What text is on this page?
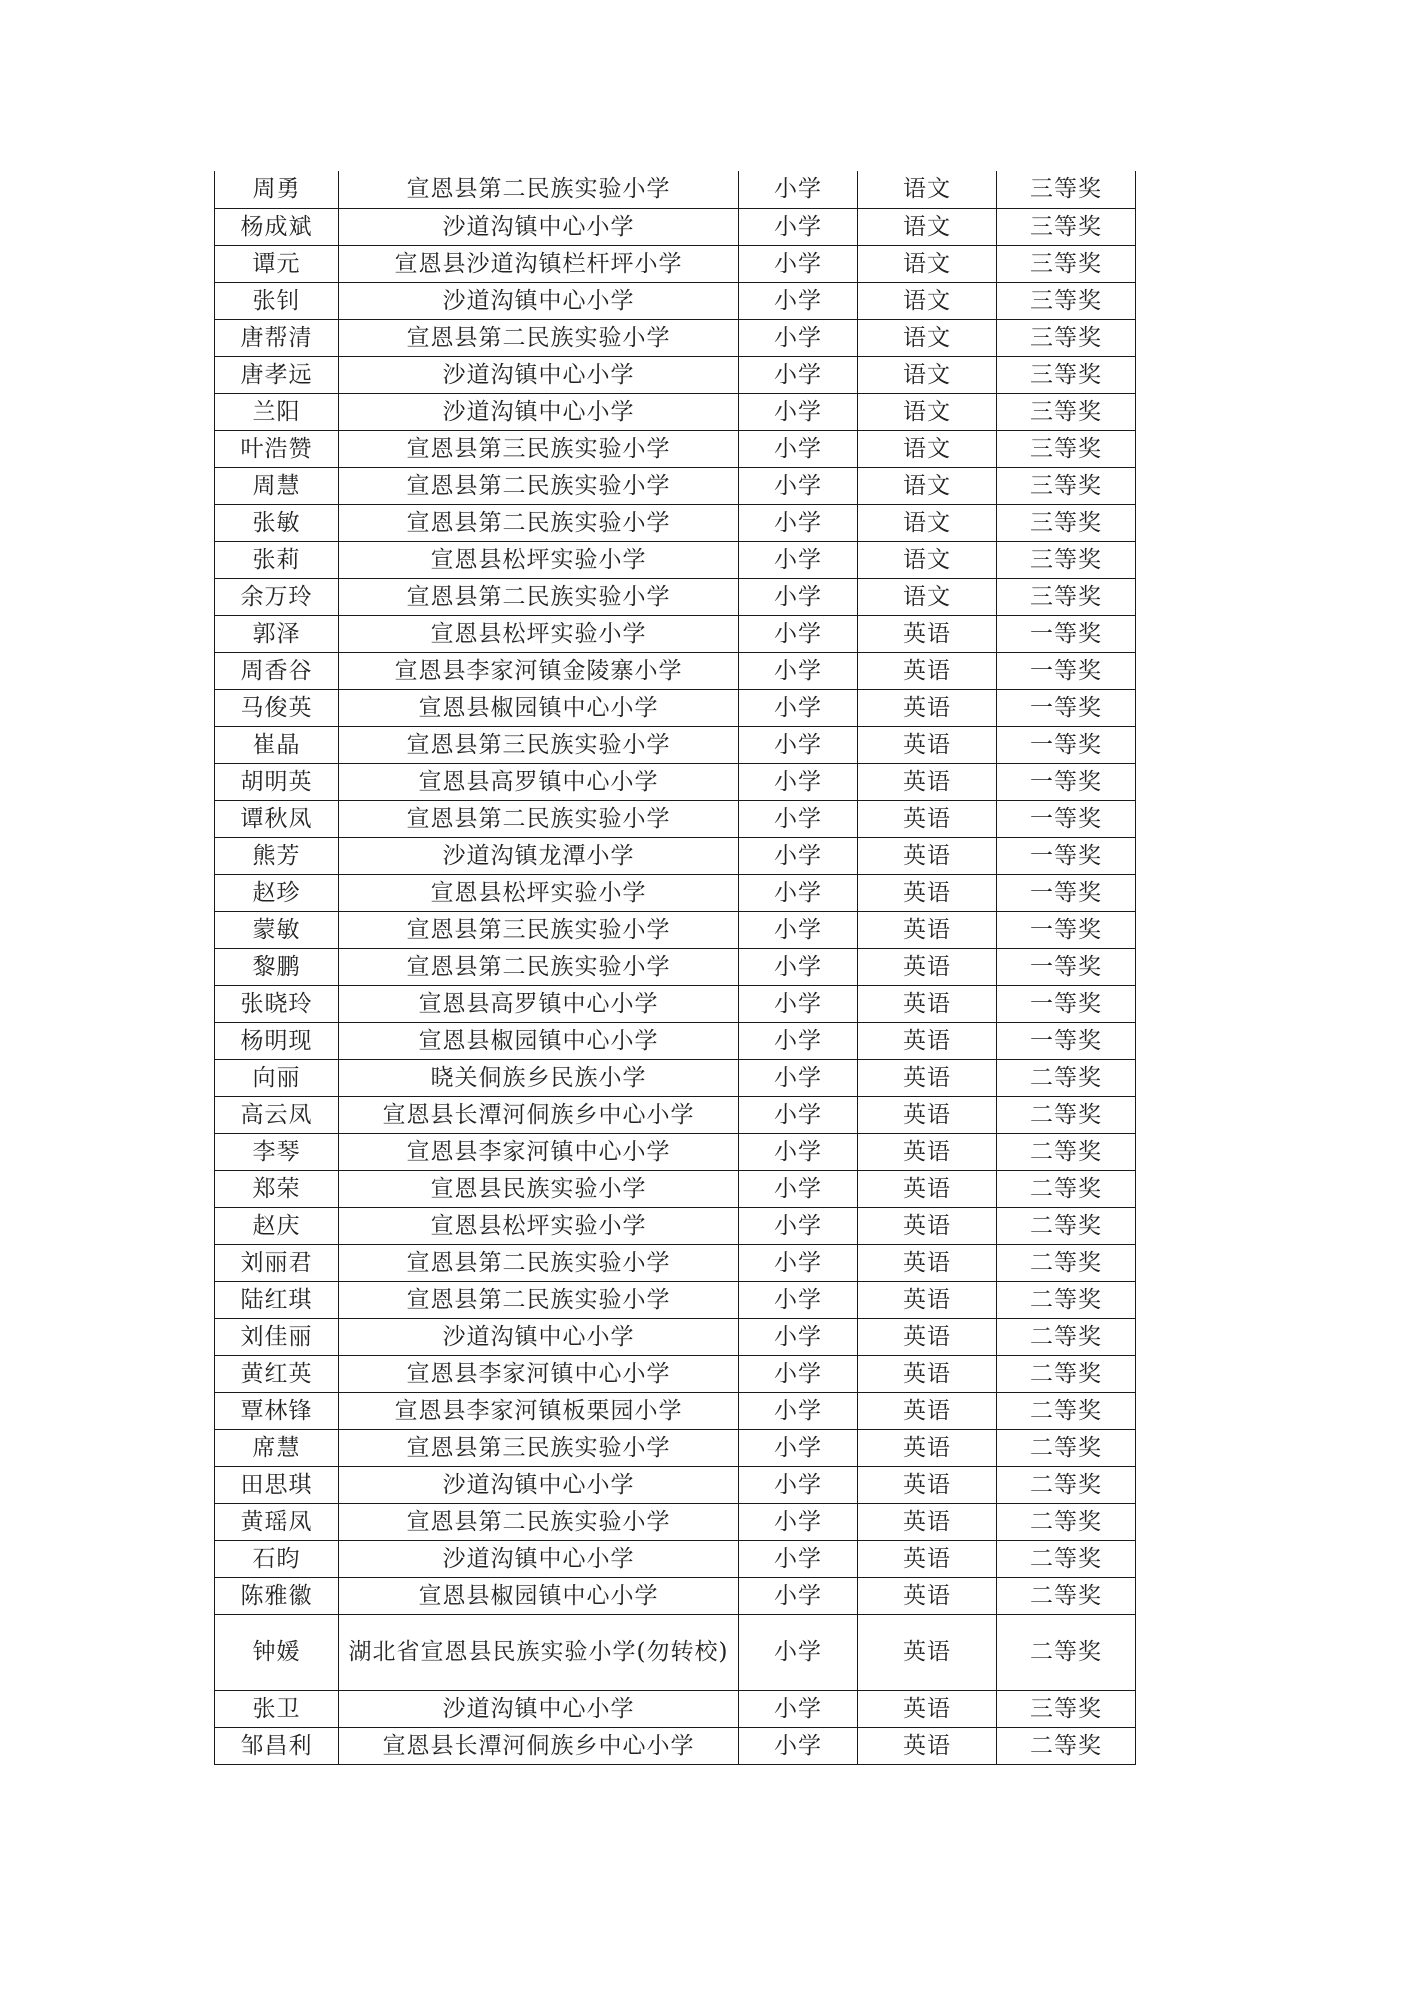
周勇	宣恩县第二民族实验小学	小学	语文	三等奖
杨成斌	沙道沟镇中心小学	小学	语文	三等奖
谭元	宣恩县沙道沟镇栏杆坪小学	小学	语文	三等奖
张钊	沙道沟镇中心小学	小学	语文	三等奖
唐帮清	宣恩县第二民族实验小学	小学	语文	三等奖
唐孝远	沙道沟镇中心小学	小学	语文	三等奖
兰阳	沙道沟镇中心小学	小学	语文	三等奖
叶浩赞	宣恩县第三民族实验小学	小学	语文	三等奖
周慧	宣恩县第二民族实验小学	小学	语文	三等奖
张敏	宣恩县第二民族实验小学	小学	语文	三等奖
张莉	宣恩县松坪实验小学	小学	语文	三等奖
余万玲	宣恩县第二民族实验小学	小学	语文	三等奖
郭泽	宣恩县松坪实验小学	小学	英语	一等奖
周香谷	宣恩县李家河镇金陵寨小学	小学	英语	一等奖
马俊英	宣恩县椒园镇中心小学	小学	英语	一等奖
崔晶	宣恩县第三民族实验小学	小学	英语	一等奖
胡明英	宣恩县高罗镇中心小学	小学	英语	一等奖
谭秋凤	宣恩县第二民族实验小学	小学	英语	一等奖
熊芳	沙道沟镇龙潭小学	小学	英语	一等奖
赵珍	宣恩县松坪实验小学	小学	英语	一等奖
蒙敏	宣恩县第三民族实验小学	小学	英语	一等奖
黎鹏	宣恩县第二民族实验小学	小学	英语	一等奖
张晓玲	宣恩县高罗镇中心小学	小学	英语	一等奖
杨明现	宣恩县椒园镇中心小学	小学	英语	一等奖
向丽	晓关侗族乡民族小学	小学	英语	二等奖
高云凤	宣恩县长潭河侗族乡中心小学	小学	英语	二等奖
李琴	宣恩县李家河镇中心小学	小学	英语	二等奖
郑荣	宣恩县民族实验小学	小学	英语	二等奖
赵庆	宣恩县松坪实验小学	小学	英语	二等奖
刘丽君	宣恩县第二民族实验小学	小学	英语	二等奖
陆红琪	宣恩县第二民族实验小学	小学	英语	二等奖
刘佳丽	沙道沟镇中心小学	小学	英语	二等奖
黄红英	宣恩县李家河镇中心小学	小学	英语	二等奖
覃林锋	宣恩县李家河镇板栗园小学	小学	英语	二等奖
席慧	宣恩县第三民族实验小学	小学	英语	二等奖
田思琪	沙道沟镇中心小学	小学	英语	二等奖
黄瑶凤	宣恩县第二民族实验小学	小学	英语	二等奖
石昀	沙道沟镇中心小学	小学	英语	二等奖
陈雅徽	宣恩县椒园镇中心小学	小学	英语	二等奖
钟媛	湖北省宣恩县民族实验小学(勿转校)	小学	英语	二等奖
张卫	沙道沟镇中心小学	小学	英语	三等奖
邹昌利	宣恩县长潭河侗族乡中心小学	小学	英语	二等奖
